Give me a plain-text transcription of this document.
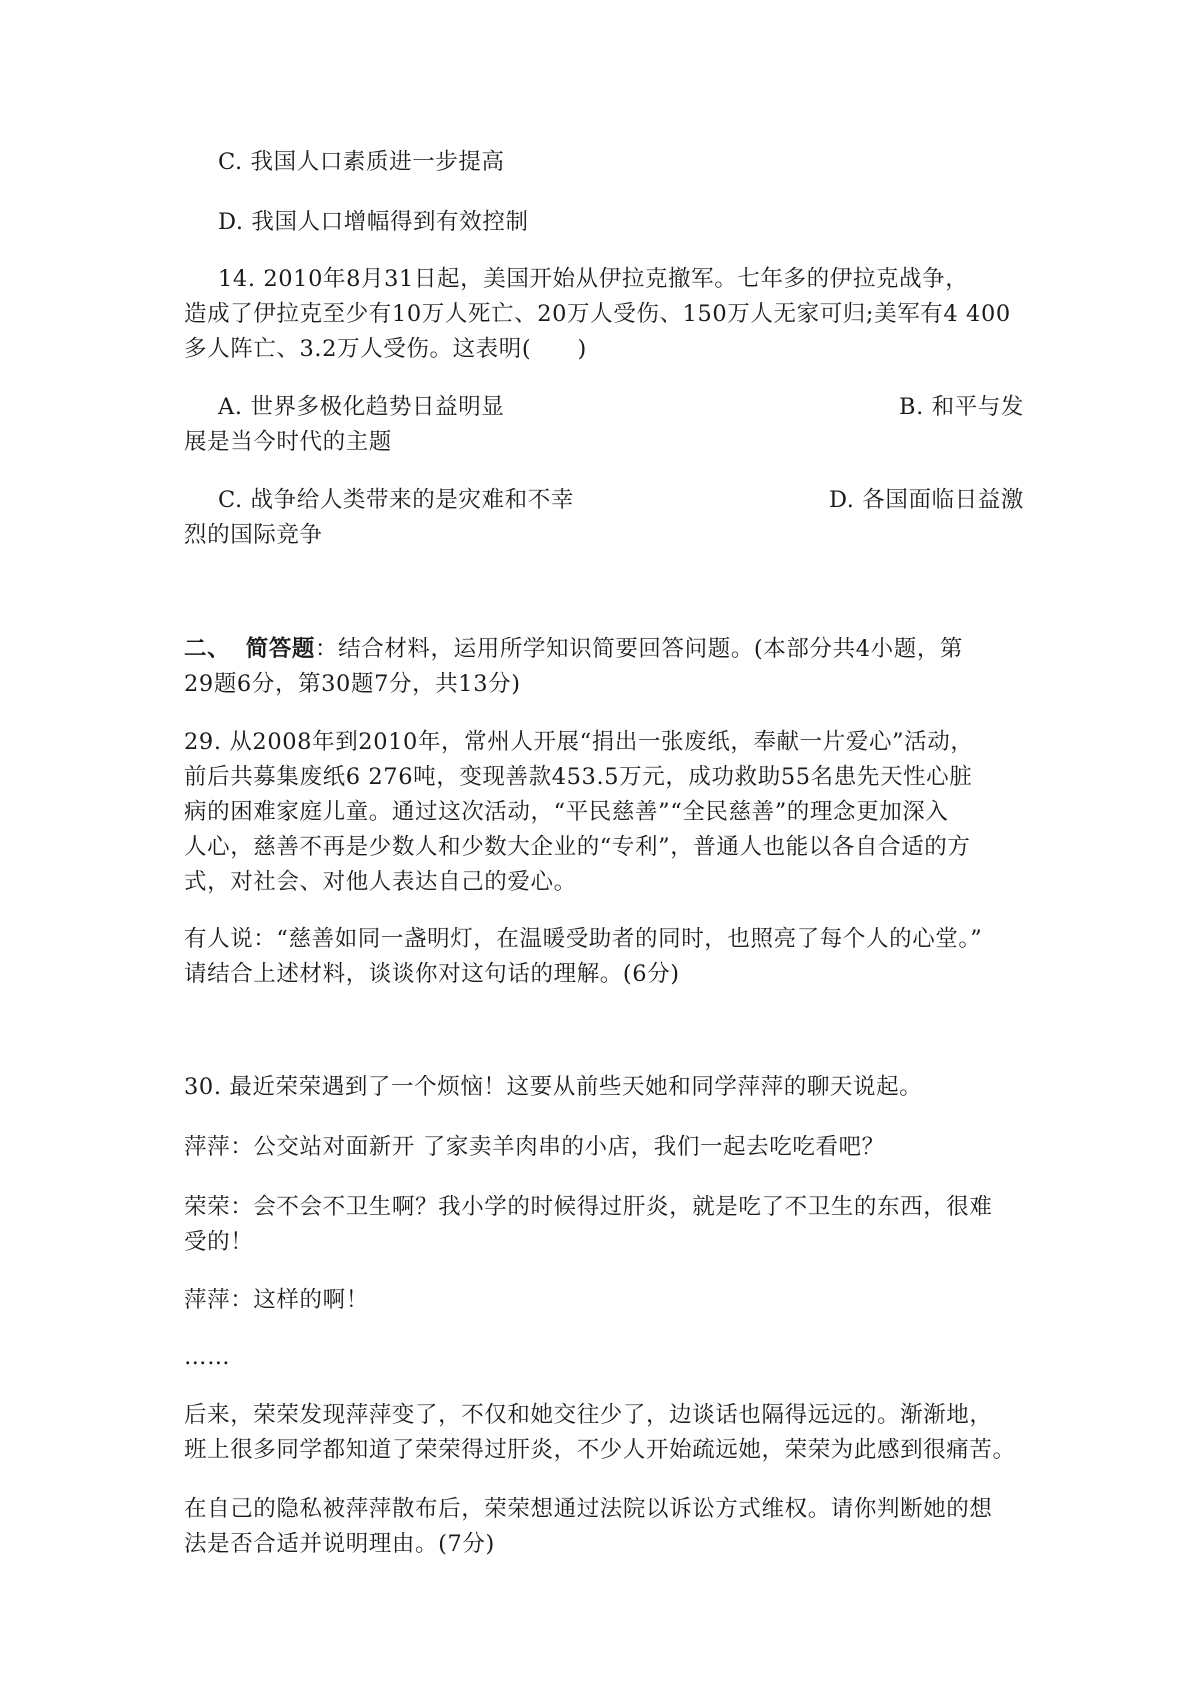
C. 我国人口素质进一步提高
D. 我国人口增幅得到有效控制
14. 2010年8月31日起，美国开始从伊拉克撤军。七年多的伊拉克战争，
造成了伊拉克至少有10万人死亡、20万人受伤、150万人无家可归;美军有4 400
多人阵亡、3.2万人受伤。这表明(　　)
A. 世界多极化趋势日益明显	B. 和平与发
展是当今时代的主题
C. 战争给人类带来的是灾难和不幸	D. 各国面临日益激
烈的国际竞争
二、 简答题：结合材料，运用所学知识简要回答问题。(本部分共4小题，第
29题6分，第30题7分，共13分)
29. 从2008年到2010年，常州人开展“捐出一张废纸，奉献一片爱心”活动，
前后共募集废纸6 276吨，变现善款453.5万元，成功救助55名患先天性心脏
病的困难家庭儿童。通过这次活动，“平民慈善”“全民慈善”的理念更加深入
人心，慈善不再是少数人和少数大企业的“专利”，普通人也能以各自合适的方
式，对社会、对他人表达自己的爱心。
有人说：“慈善如同一盏明灯，在温暖受助者的同时，也照亮了每个人的心堂。”
请结合上述材料，谈谈你对这句话的理解。(6分)
30. 最近荣荣遇到了一个烦恼！这要从前些天她和同学萍萍的聊天说起。
萍萍：公交站对面新开 了家卖羊肉串的小店，我们一起去吃吃看吧？
荣荣：会不会不卫生啊？我小学的时候得过肝炎，就是吃了不卫生的东西，很难
受的！
萍萍：这样的啊！
……
后来，荣荣发现萍萍变了，不仅和她交往少了，边谈话也隔得远远的。渐渐地，
班上很多同学都知道了荣荣得过肝炎，不少人开始疏远她，荣荣为此感到很痛苦。
在自己的隐私被萍萍散布后，荣荣想通过法院以诉讼方式维权。请你判断她的想
法是否合适并说明理由。(7分)
